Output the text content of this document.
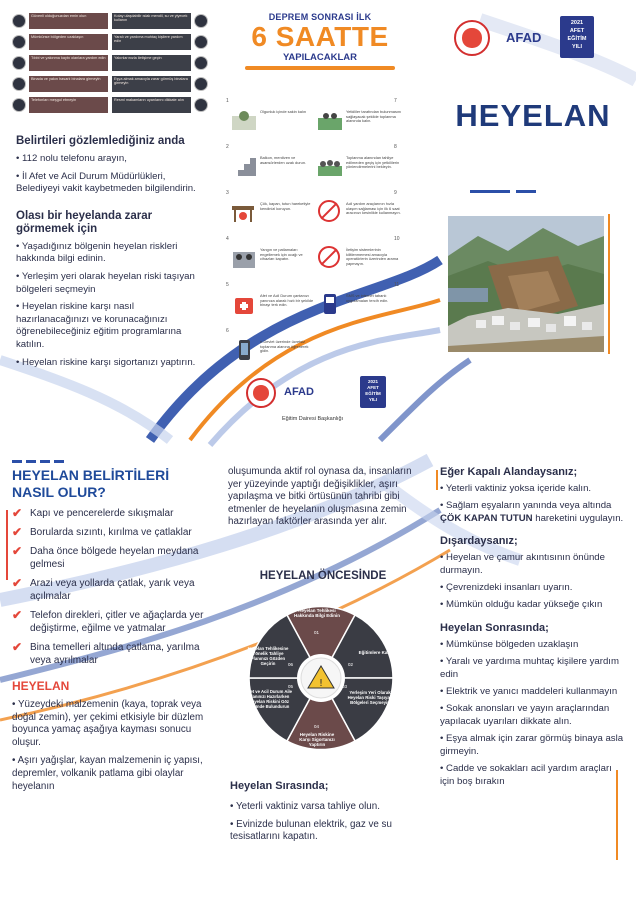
Güvenli olduğunuzdan emin olun	Kolay ulaşılabilir ıslak mendil, su ve yiyecek kullanın
Mümkünse bölgeden uzaklaşın	Yaralı ve yardıma muhtaç kişilere yardım edin
Tıbbi ve yakınma kaybı olanlara yardım edin	Yakınlarınızla iletişime geçin
Binada ve yakın hasarlı binalara girmeyin	Eşya almak amacıyla zarar görmüş binalara girmeyin
Telefonları meşgul etmeyin	Resmi makamların uyarılarını dikkate alın
Belirtileri gözlemlediğiniz anda
• 112 nolu telefonu arayın,
• İl Afet ve Acil Durum Müdürlükleri, Belediyeyi vakit kaybetmeden bilgilendirin.
Olası bir heyelanda zarar görmemek için
• Yaşadığınız bölgenin heyelan riskleri hakkında bilgi edinin.
• Yerleşim yeri olarak heyelan riski taşıyan bölgeleri seçmeyin
• Heyelan riskine karşı nasıl hazırlanacağınızı ve korunacağınızı öğrenebileceğiniz eğitim programlarına katılın.
• Heyelan riskine karşı sigortanızı yaptırın.
DEPREM SONRASI İLK
6 SAATTE
YAPILACAKLAR
1
Olgunluk içinde sakin kalın
2
Balkon, merdiven ve asansörlerden uzak durun.
3
Çök, kapan, tutun hareketiyle kendinizi koruyun.
4
Yangın ve patlamaları engellemek için ocağı ve cihazları kapatın.
5
Afet ve Acil Durum çantanızı yanınıza alarak hızlı bir şekilde binayı terk edin.
6
e-Devlet üzerinde ücretsiz toplanma alanına öğrenerek gidin.
7
Yetkililer tarafından bulunmasını sağlayacak şekilde toplanma alanında kalın.
8
Toplanma alanından tahliye edilmeden geçiş için yetkililerin yönlendirmelerini bekleyin.
9
Acil yardım araçlarının hızla ulaşım sağlaması için ilk 6 saat aracınızı kesinlikle kullanmayın.
10
İletişim sistemlerinin kilitlenmemesi amacıyla operatörlerin üzerinden arama yapmayın.
11
SMS ve internet tabanlı uygulamaları tercih edin.
AFAD
2021
AFET
EĞİTİM
YILI
Eğitim Dairesi Başkanlığı
AFAD
2021
AFET
EĞİTİM
YILI
HEYELAN
HEYELAN BELİRTİLERİ NASIL OLUR?
✔ Kapı ve pencerelerde sıkışmalar
✔ Borularda sızıntı, kırılma ve çatlaklar
✔ Daha önce bölgede heyelan meydana gelmesi
✔ Arazi veya yollarda çatlak, yarık veya açılmalar
✔ Telefon direkleri, çitler ve ağaçlarda yer değiştirme, eğilme ve yatmalar
✔ Bina temelleri altında çatlama, yarılma veya ayrılmalar
HEYELAN
• Yüzeydeki malzemenin (kaya, toprak veya doğal zemin), yer çekimi etkisiyle bir düzlem boyunca yamaç aşağıya kayması sonucu oluşur.
• Aşırı yağışlar, kayan malzemenin iç yapısı, depremler, volkanik patlama gibi olaylar heyelanın
oluşumunda aktif rol oynasa da, insanların yer yüzeyinde yaptığı değişiklikler, aşırı yapılaşma ve bitki örtüsünün tahribi gibi etmenler de heyelanın oluşmasına zemin hazırlayan faktörler arasında yer alır.
HEYELAN ÖNCESİNDE
!
Heyelan Tehlikesi Hakkında Bilgi Edinin
01
Eğitimlere Katılın
02
Yerleşim Yeri Olarak Heyelan Riski Taşıyan Bölgeleri Seçmeyin
03
Heyelan Riskine Karşı Sigortanızı Yaptırın
04
Afet ve Acil Durum Aile Planınızı Hazırlarken Heyelan Riskini Göz Önünde Bulundurun
05
Heyelan Tehlikesine Yönelik Tahliye Planınızı Gözden Geçirin	06
Heyelan Sırasında;
• Yeterli vaktiniz varsa tahliye olun.
• Evinizde bulunan elektrik, gaz ve su tesisatlarını kapatın.
Eğer Kapalı Alandaysanız;
• Yeterli vaktiniz yoksa içeride kalın.
• Sağlam eşyaların yanında veya altında ÇÖK KAPAN TUTUN hareketini uygulayın.
Dışardaysanız;
• Heyelan ve çamur akıntısının önünde durmayın.
• Çevrenizdeki insanları uyarın.
• Mümkün olduğu kadar yükseğe çıkın
Heyelan Sonrasında;
• Mümkünse bölgeden uzaklaşın
• Yaralı ve yardıma muhtaç kişilere yardım edin
• Elektrik ve yanıcı maddeleri kullanmayın
• Sokak anonsları ve yayın araçlarından yapılacak uyarıları dikkate alın.
• Eşya almak için zarar görmüş binaya asla girmeyin.
• Cadde ve sokakları acil yardım araçları için boş bırakın
